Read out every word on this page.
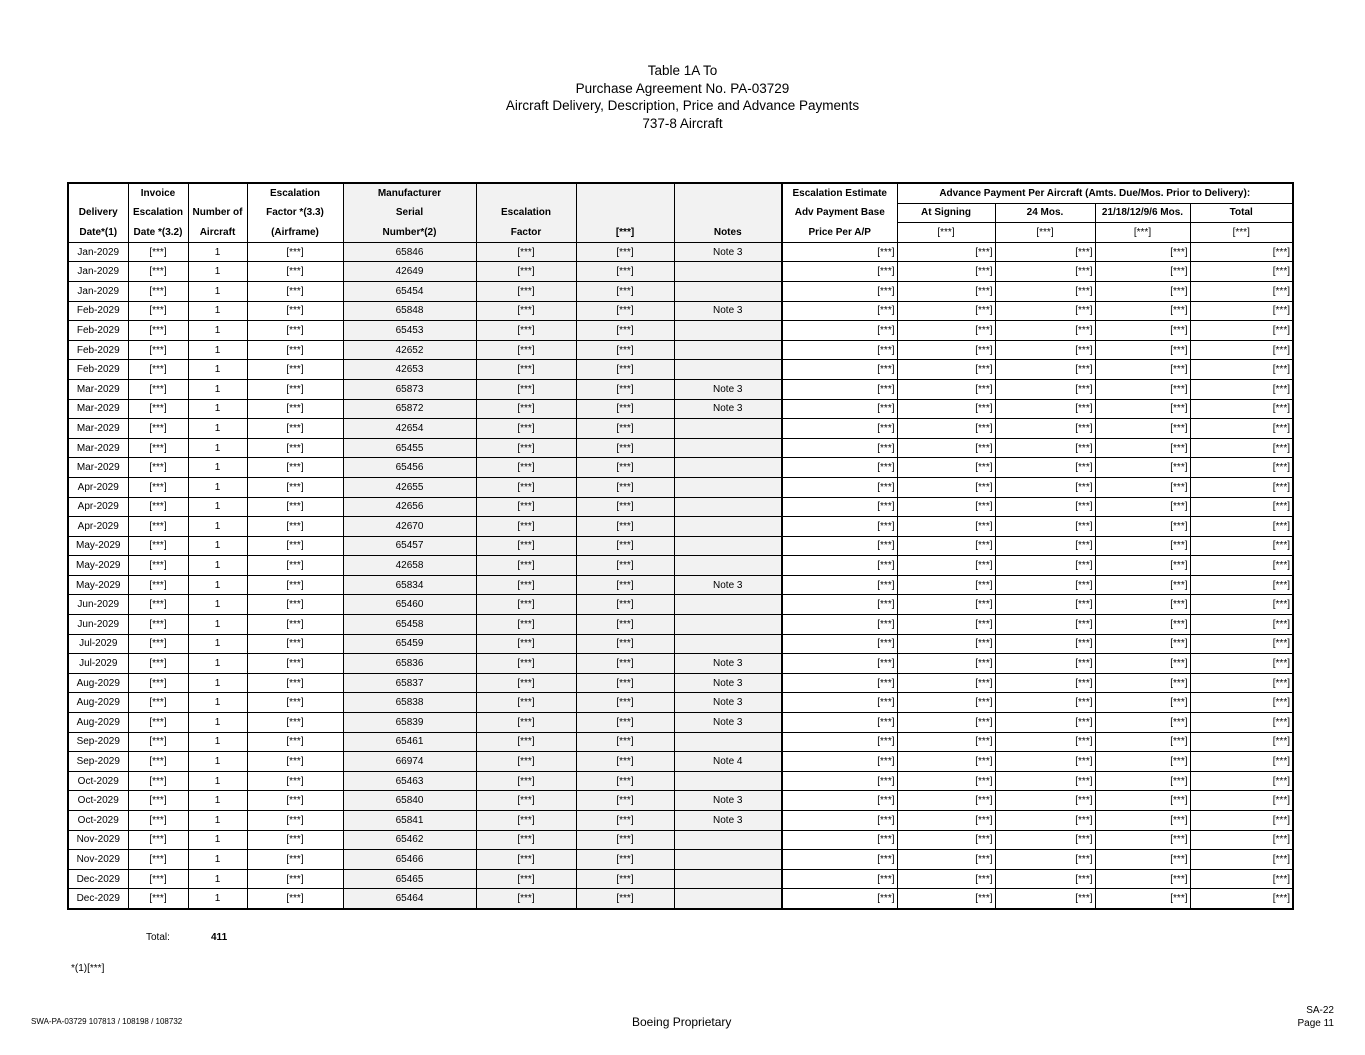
Table 1A To
Purchase Agreement No. PA-03729
Aircraft Delivery, Description, Price and Advance Payments
737-8 Aircraft
	Invoice		Escalation	Manufacturer				Escalation Estimate	Advance Payment Per Aircraft (Amts. Due/Mos. Prior to Delivery):			
Delivery	Escalation	Number of	Factor *(3.3)	Serial	Escalation			Adv Payment Base	At Signing	24 Mos.	21/18/12/9/6 Mos.	Total
Date*(1)	Date *(3.2)	Aircraft	(Airframe)	Number*(2)	Factor	[***]	Notes	Price Per A/P	[***]	[***]	[***]	[***]
Jan-2029	[***]	1	[***]	65846	[***]	[***]	Note 3	[***]	[***]	[***]	[***]	[***]
Jan-2029	[***]	1	[***]	42649	[***]	[***]		[***]	[***]	[***]	[***]	[***]
Jan-2029	[***]	1	[***]	65454	[***]	[***]		[***]	[***]	[***]	[***]	[***]
Feb-2029	[***]	1	[***]	65848	[***]	[***]	Note 3	[***]	[***]	[***]	[***]	[***]
Feb-2029	[***]	1	[***]	65453	[***]	[***]		[***]	[***]	[***]	[***]	[***]
Feb-2029	[***]	1	[***]	42652	[***]	[***]		[***]	[***]	[***]	[***]	[***]
Feb-2029	[***]	1	[***]	42653	[***]	[***]		[***]	[***]	[***]	[***]	[***]
Mar-2029	[***]	1	[***]	65873	[***]	[***]	Note 3	[***]	[***]	[***]	[***]	[***]
Mar-2029	[***]	1	[***]	65872	[***]	[***]	Note 3	[***]	[***]	[***]	[***]	[***]
Mar-2029	[***]	1	[***]	42654	[***]	[***]		[***]	[***]	[***]	[***]	[***]
Mar-2029	[***]	1	[***]	65455	[***]	[***]		[***]	[***]	[***]	[***]	[***]
Mar-2029	[***]	1	[***]	65456	[***]	[***]		[***]	[***]	[***]	[***]	[***]
Apr-2029	[***]	1	[***]	42655	[***]	[***]		[***]	[***]	[***]	[***]	[***]
Apr-2029	[***]	1	[***]	42656	[***]	[***]		[***]	[***]	[***]	[***]	[***]
Apr-2029	[***]	1	[***]	42670	[***]	[***]		[***]	[***]	[***]	[***]	[***]
May-2029	[***]	1	[***]	65457	[***]	[***]		[***]	[***]	[***]	[***]	[***]
May-2029	[***]	1	[***]	42658	[***]	[***]		[***]	[***]	[***]	[***]	[***]
May-2029	[***]	1	[***]	65834	[***]	[***]	Note 3	[***]	[***]	[***]	[***]	[***]
Jun-2029	[***]	1	[***]	65460	[***]	[***]		[***]	[***]	[***]	[***]	[***]
Jun-2029	[***]	1	[***]	65458	[***]	[***]		[***]	[***]	[***]	[***]	[***]
Jul-2029	[***]	1	[***]	65459	[***]	[***]		[***]	[***]	[***]	[***]	[***]
Jul-2029	[***]	1	[***]	65836	[***]	[***]	Note 3	[***]	[***]	[***]	[***]	[***]
Aug-2029	[***]	1	[***]	65837	[***]	[***]	Note 3	[***]	[***]	[***]	[***]	[***]
Aug-2029	[***]	1	[***]	65838	[***]	[***]	Note 3	[***]	[***]	[***]	[***]	[***]
Aug-2029	[***]	1	[***]	65839	[***]	[***]	Note 3	[***]	[***]	[***]	[***]	[***]
Sep-2029	[***]	1	[***]	65461	[***]	[***]		[***]	[***]	[***]	[***]	[***]
Sep-2029	[***]	1	[***]	66974	[***]	[***]	Note 4	[***]	[***]	[***]	[***]	[***]
Oct-2029	[***]	1	[***]	65463	[***]	[***]		[***]	[***]	[***]	[***]	[***]
Oct-2029	[***]	1	[***]	65840	[***]	[***]	Note 3	[***]	[***]	[***]	[***]	[***]
Oct-2029	[***]	1	[***]	65841	[***]	[***]	Note 3	[***]	[***]	[***]	[***]	[***]
Nov-2029	[***]	1	[***]	65462	[***]	[***]		[***]	[***]	[***]	[***]	[***]
Nov-2029	[***]	1	[***]	65466	[***]	[***]		[***]	[***]	[***]	[***]	[***]
Dec-2029	[***]	1	[***]	65465	[***]	[***]		[***]	[***]	[***]	[***]	[***]
Dec-2029	[***]	1	[***]	65464	[***]	[***]		[***]	[***]	[***]	[***]	[***]
Total:	411
*(1)[***]
SWA-PA-03729 107813 / 108198 / 108732	Boeing Proprietary
SA-22
Page 11
